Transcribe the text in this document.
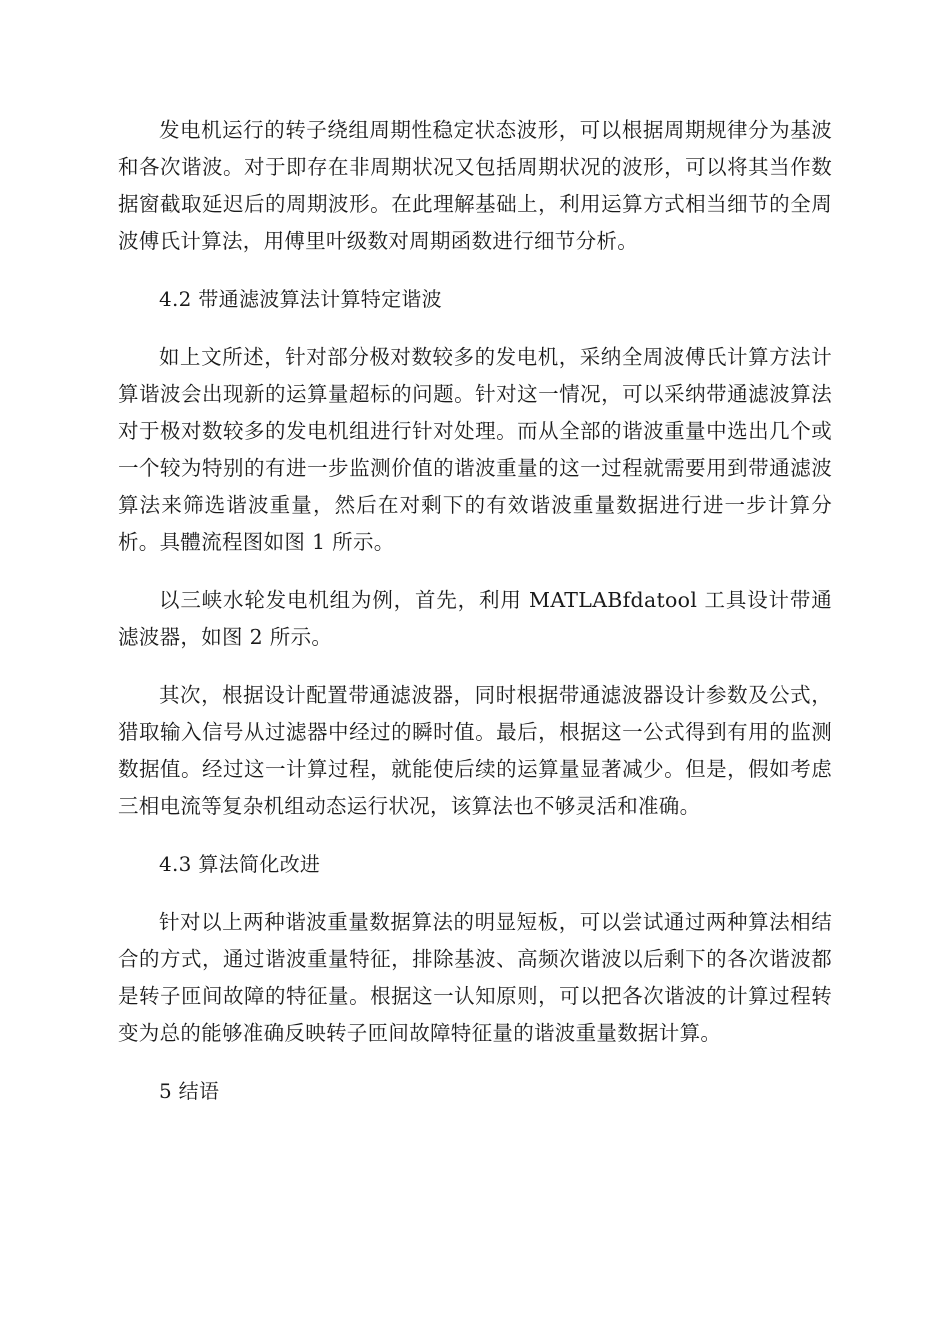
发电机运行的转子绕组周期性稳定状态波形，可以根据周期规律分为基波和各次谐波。对于即存在非周期状况又包括周期状况的波形，可以将其当作数据窗截取延迟后的周期波形。在此理解基础上，利用运算方式相当细节的全周波傅氏计算法，用傅里叶级数对周期函数进行细节分析。

4.2 带通滤波算法计算特定谐波

如上文所述，针对部分极对数较多的发电机，采纳全周波傅氏计算方法计算谐波会出现新的运算量超标的问题。针对这一情况，可以采纳带通滤波算法对于极对数较多的发电机组进行针对处理。而从全部的谐波重量中选出几个或一个较为特别的有进一步监测价值的谐波重量的这一过程就需要用到带通滤波算法来筛选谐波重量，然后在对剩下的有效谐波重量数据进行进一步计算分析。具體流程图如图 1 所示。

以三峡水轮发电机组为例，首先，利用 MATLABfdatool 工具设计带通滤波器，如图 2 所示。

其次，根据设计配置带通滤波器，同时根据带通滤波器设计参数及公式，猎取输入信号从过滤器中经过的瞬时值。最后，根据这一公式得到有用的监测数据值。经过这一计算过程，就能使后续的运算量显著减少。但是，假如考虑三相电流等复杂机组动态运行状况，该算法也不够灵活和准确。

4.3 算法简化改进

针对以上两种谐波重量数据算法的明显短板，可以尝试通过两种算法相结合的方式，通过谐波重量特征，排除基波、高频次谐波以后剩下的各次谐波都是转子匝间故障的特征量。根据这一认知原则，可以把各次谐波的计算过程转变为总的能够准确反映转子匝间故障特征量的谐波重量数据计算。

5 结语
